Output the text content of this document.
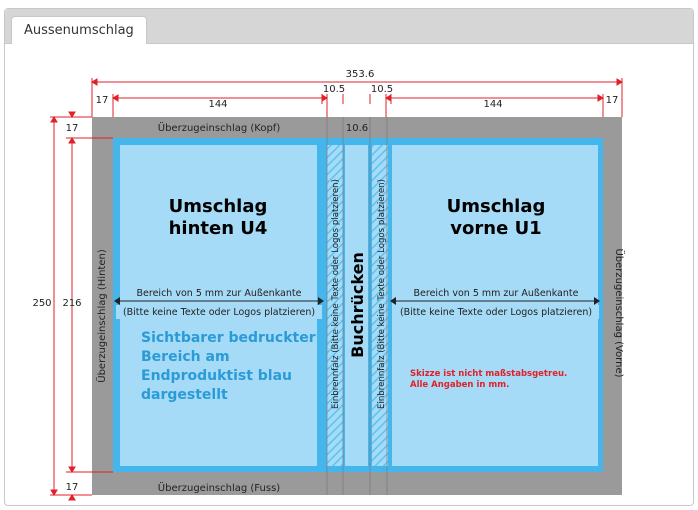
Aussenumschlag
353.6
17	144
10.5	10.5
144	17
10.6
250
17
216
17
Überzugeinschlag (Kopf)
Überzugeinschlag (Fuss)
Überzugeinschlag (Hinten)	Überzugeinschlag (Vorne)
Umschlag
hinten U4
Umschlag
vorne U1
Bereich von 5 mm zur Außenkante
(Bitte keine Texte oder Logos platzieren)
Bereich von 5 mm zur Außenkante
(Bitte keine Texte oder Logos platzieren)
Sichtbarer bedruckter
Bereich am
Endproduktist blau
dargestellt
Buchrücken
Einbrennfalz (Bitte keine Texte oder Logos platzieren)	Einbrennfalz (Bitte keine Texte oder Logos platzieren)	Skizze ist nicht maßstabsgetreu.
Alle Angaben in mm.
